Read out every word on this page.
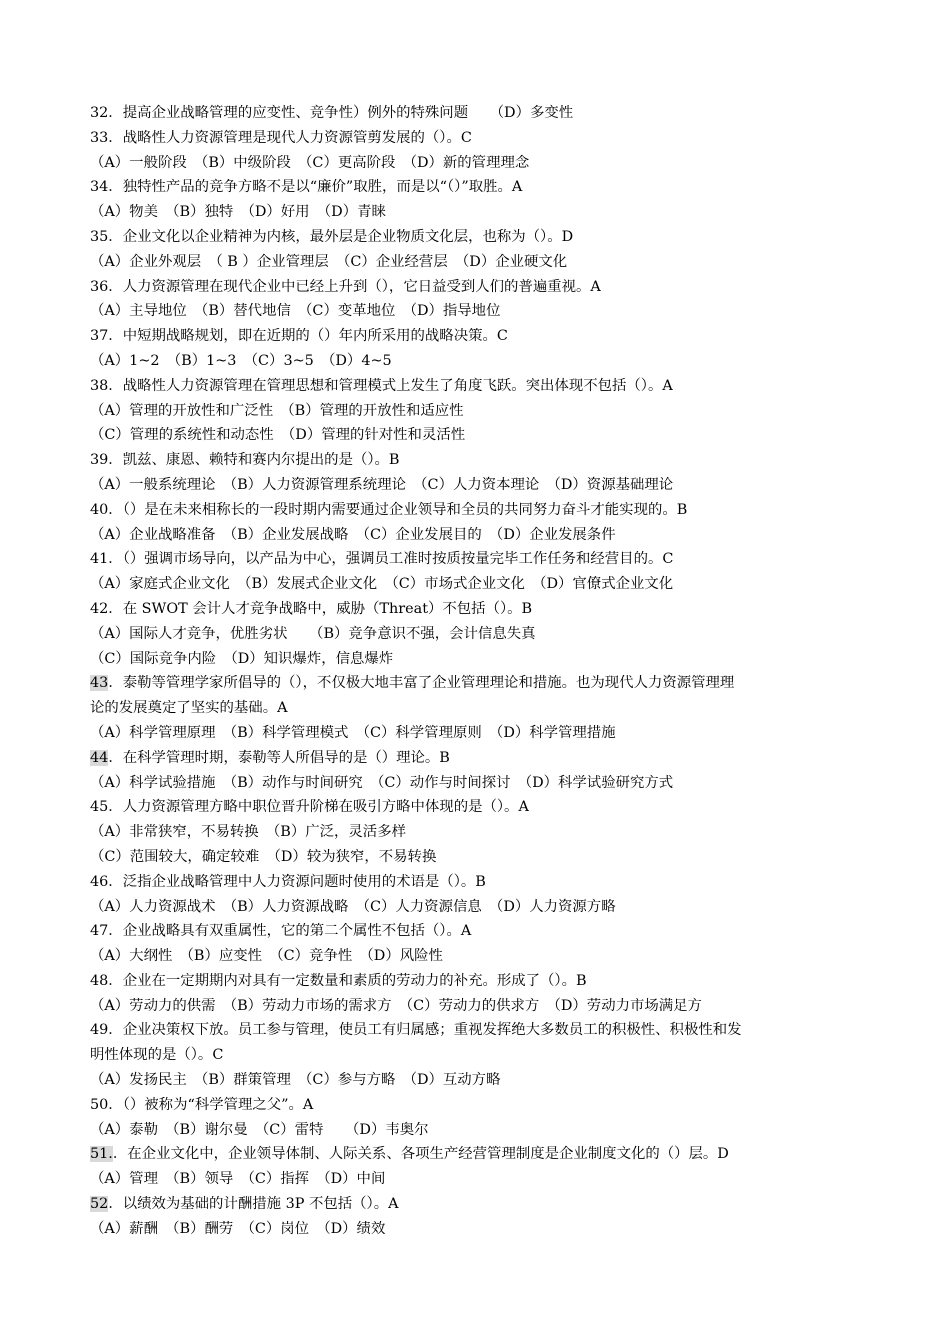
32．提高企业战略管理的应变性、竞争性）例外的特殊问题　　（D）多变性
33．战略性人力资源管理是现代人力资源管剪发展的（）。C
（A）一般阶段　（B）中级阶段　（C）更高阶段　（D）新的管理理念
34．独特性产品的竞争方略不是以“廉价”取胜，而是以“（）”取胜。A
（A）物美　（B）独特　（D）好用　（D）青睐
35．企业文化以企业精神为内核，最外层是企业物质文化层，也称为（）。D
（A）企业外观层　（ B ）企业管理层　（C）企业经营层　（D）企业硬文化
36．人力资源管理在现代企业中已经上升到（），它日益受到人们的普遍重视。A
（A）主导地位　（B）替代地信　（C）变革地位　（D）指导地位
37．中短期战略规划，即在近期的（）年内所采用的战略决策。C
（A）1~2　（B）1~3　（C）3~5　（D）4~5
38．战略性人力资源管理在管理思想和管理模式上发生了角度飞跃。突出体现不包括（）。A
（A）管理的开放性和广泛性　（B）管理的开放性和适应性
（C）管理的系统性和动态性　（D）管理的针对性和灵活性
39．凯兹、康恩、赖特和赛内尔提出的是（）。B
（A）一般系统理论　（B）人力资源管理系统理论　（C）人力资本理论　（D）资源基础理论
40．（）是在未来相称长的一段时期内需要通过企业领导和全员的共同努力奋斗才能实现的。B
（A）企业战略准备　（B）企业发展战略　（C）企业发展目的　（D）企业发展条件
41．（）强调市场导向，以产品为中心，强调员工准时按质按量完毕工作任务和经营目的。C
（A）家庭式企业文化　（B）发展式企业文化　（C）市场式企业文化　（D）官僚式企业文化
42．在 SWOT 会计人才竞争战略中，威胁（Threat）不包括（）。B
（A）国际人才竞争，优胜劣状　　（B）竞争意识不强，会计信息失真
（C）国际竞争内险　（D）知识爆炸，信息爆炸
43．泰勒等管理学家所倡导的（），不仅极大地丰富了企业管理理论和措施。也为现代人力资源管理理
论的发展奠定了坚实的基础。A
（A）科学管理原理　（B）科学管理模式　（C）科学管理原则　（D）科学管理措施
44．在科学管理时期，泰勒等人所倡导的是（）理论。B
（A）科学试验措施　（B）动作与时间研究　（C）动作与时间探讨　（D）科学试验研究方式
45．人力资源管理方略中职位晋升阶梯在吸引方略中体现的是（）。A
（A）非常狭窄，不易转换　（B）广泛，灵活多样
（C）范围较大，确定较难　（D）较为狭窄，不易转换
46．泛指企业战略管理中人力资源问题时使用的术语是（）。B
（A）人力资源战术　（B）人力资源战略　（C）人力资源信息　（D）人力资源方略
47．企业战略具有双重属性，它的第二个属性不包括（）。A
（A）大纲性　（B）应变性　（C）竞争性　（D）风险性
48．企业在一定期期内对具有一定数量和素质的劳动力的补充。形成了（）。B
（A）劳动力的供需　（B）劳动力市场的需求方　（C）劳动力的供求方　（D）劳动力市场满足方
49．企业决策权下放。员工参与管理，使员工有归属感；重视发挥绝大多数员工的积极性、积极性和发
明性体现的是（）。C
（A）发扬民主　（B）群策管理　（C）参与方略　（D）互动方略
50．（）被称为“科学管理之父”。A
（A）泰勒　（B）谢尔曼　（C）雷特　　（D）韦奥尔
51.．在企业文化中，企业领导体制、人际关系、各项生产经营管理制度是企业制度文化的（）层。D
（A）管理　（B）领导　（C）指挥　（D）中间
52．以绩效为基础的计酬措施 3P 不包括（）。A
（A）薪酬　（B）酬劳　（C）岗位　（D）绩效
